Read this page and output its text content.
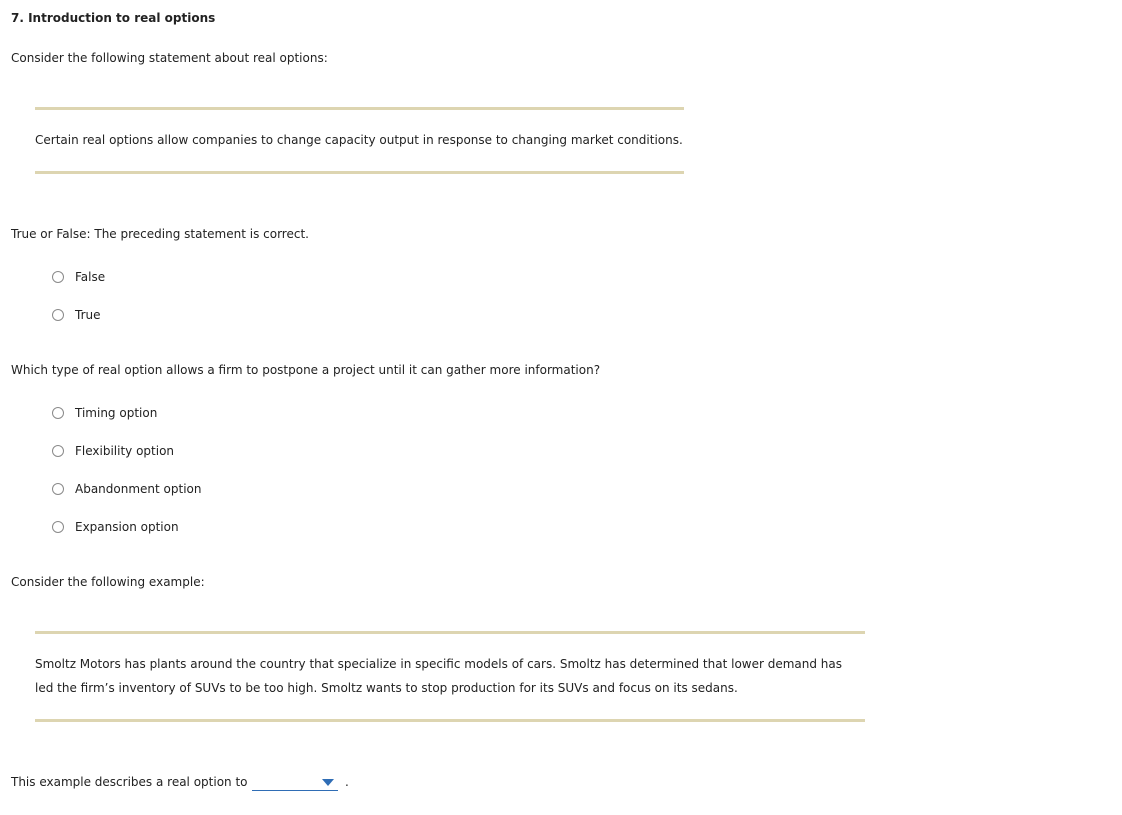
7. Introduction to real options
Consider the following statement about real options:
Certain real options allow companies to change capacity output in response to changing market conditions.
True or False: The preceding statement is correct.
False
True
Which type of real option allows a firm to postpone a project until it can gather more information?
Timing option
Flexibility option
Abandonment option
Expansion option
Consider the following example:
Smoltz Motors has plants around the country that specialize in specific models of cars. Smoltz has determined that lower demand has
led the firm’s inventory of SUVs to be too high. Smoltz wants to stop production for its SUVs and focus on its sedans.
This example describes a real option to	.
